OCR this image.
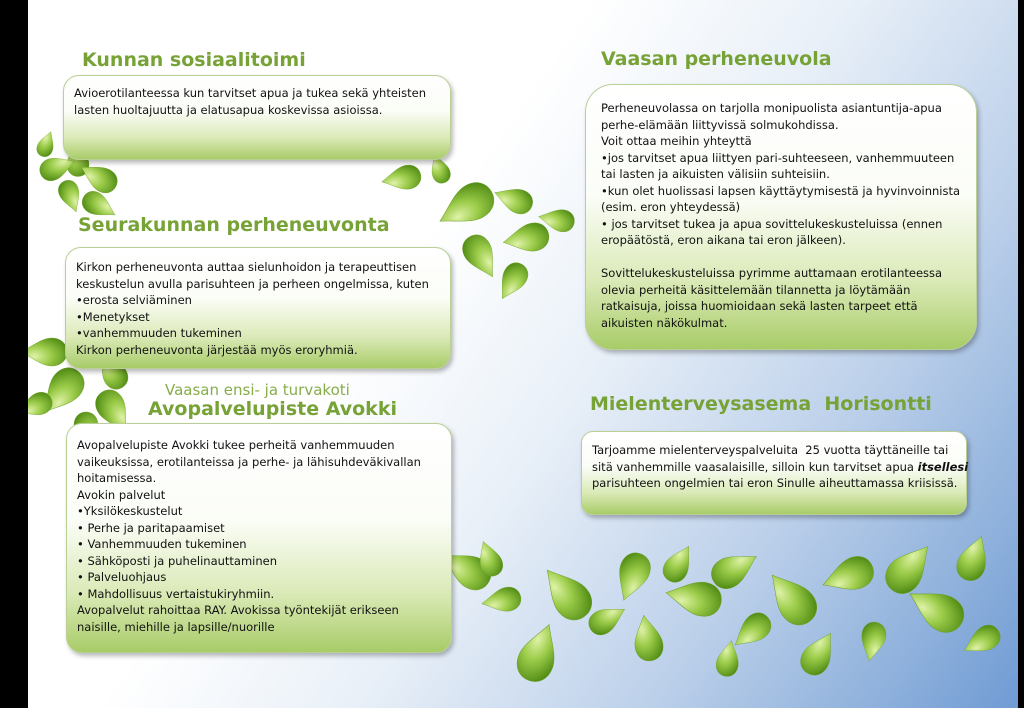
Kunnan sosiaalitoimi
Avioerotilanteessa kun tarvitset apua ja tukea sekä yhteisten
lasten huoltajuutta ja elatusapua koskevissa asioissa.
Seurakunnan perheneuvonta
Kirkon perheneuvonta auttaa sielunhoidon ja terapeuttisen
keskustelun avulla parisuhteen ja perheen ongelmissa, kuten
•erosta selviäminen
•Menetykset
•vanhemmuuden tukeminen
Kirkon perheneuvonta järjestää myös eroryhmiä.
Vaasan ensi- ja turvakoti
Avopalvelupiste Avokki
Avopalvelupiste Avokki tukee perheitä vanhemmuuden
vaikeuksissa, erotilanteissa ja perhe- ja lähisuhdeväkivallan
hoitamisessa.
Avokin palvelut
•Yksilökeskustelut
• Perhe ja paritapaamiset
• Vanhemmuuden tukeminen
• Sähköposti ja puhelinauttaminen
• Palveluohjaus
• Mahdollisuus vertaistukiryhmiin.
Avopalvelut rahoittaa RAY. Avokissa työntekijät erikseen
naisille, miehille ja lapsille/nuorille
Vaasan perheneuvola
Perheneuvolassa on tarjolla monipuolista asiantuntija-apua
perhe-elämään liittyvissä solmukohdissa.
Voit ottaa meihin yhteyttä
•jos tarvitset apua liittyen pari-suhteeseen, vanhemmuuteen
tai lasten ja aikuisten välisiin suhteisiin.
•kun olet huolissasi lapsen käyttäytymisestä ja hyvinvoinnista
(esim. eron yhteydessä)
• jos tarvitset tukea ja apua sovittelukeskusteluissa (ennen
eropäätöstä, eron aikana tai eron jälkeen).
Sovittelukeskusteluissa pyrimme auttamaan erotilanteessa
olevia perheitä käsittelemään tilannetta ja löytämään
ratkaisuja, joissa huomioidaan sekä lasten tarpeet että
aikuisten näkökulmat.
Mielenterveysasema  Horisontti
Tarjoamme mielenterveyspalveluita  25 vuotta täyttäneille tai
sitä vanhemmille vaasalaisille, silloin kun tarvitset apua itsellesi
parisuhteen ongelmien tai eron Sinulle aiheuttamassa kriisissä.
